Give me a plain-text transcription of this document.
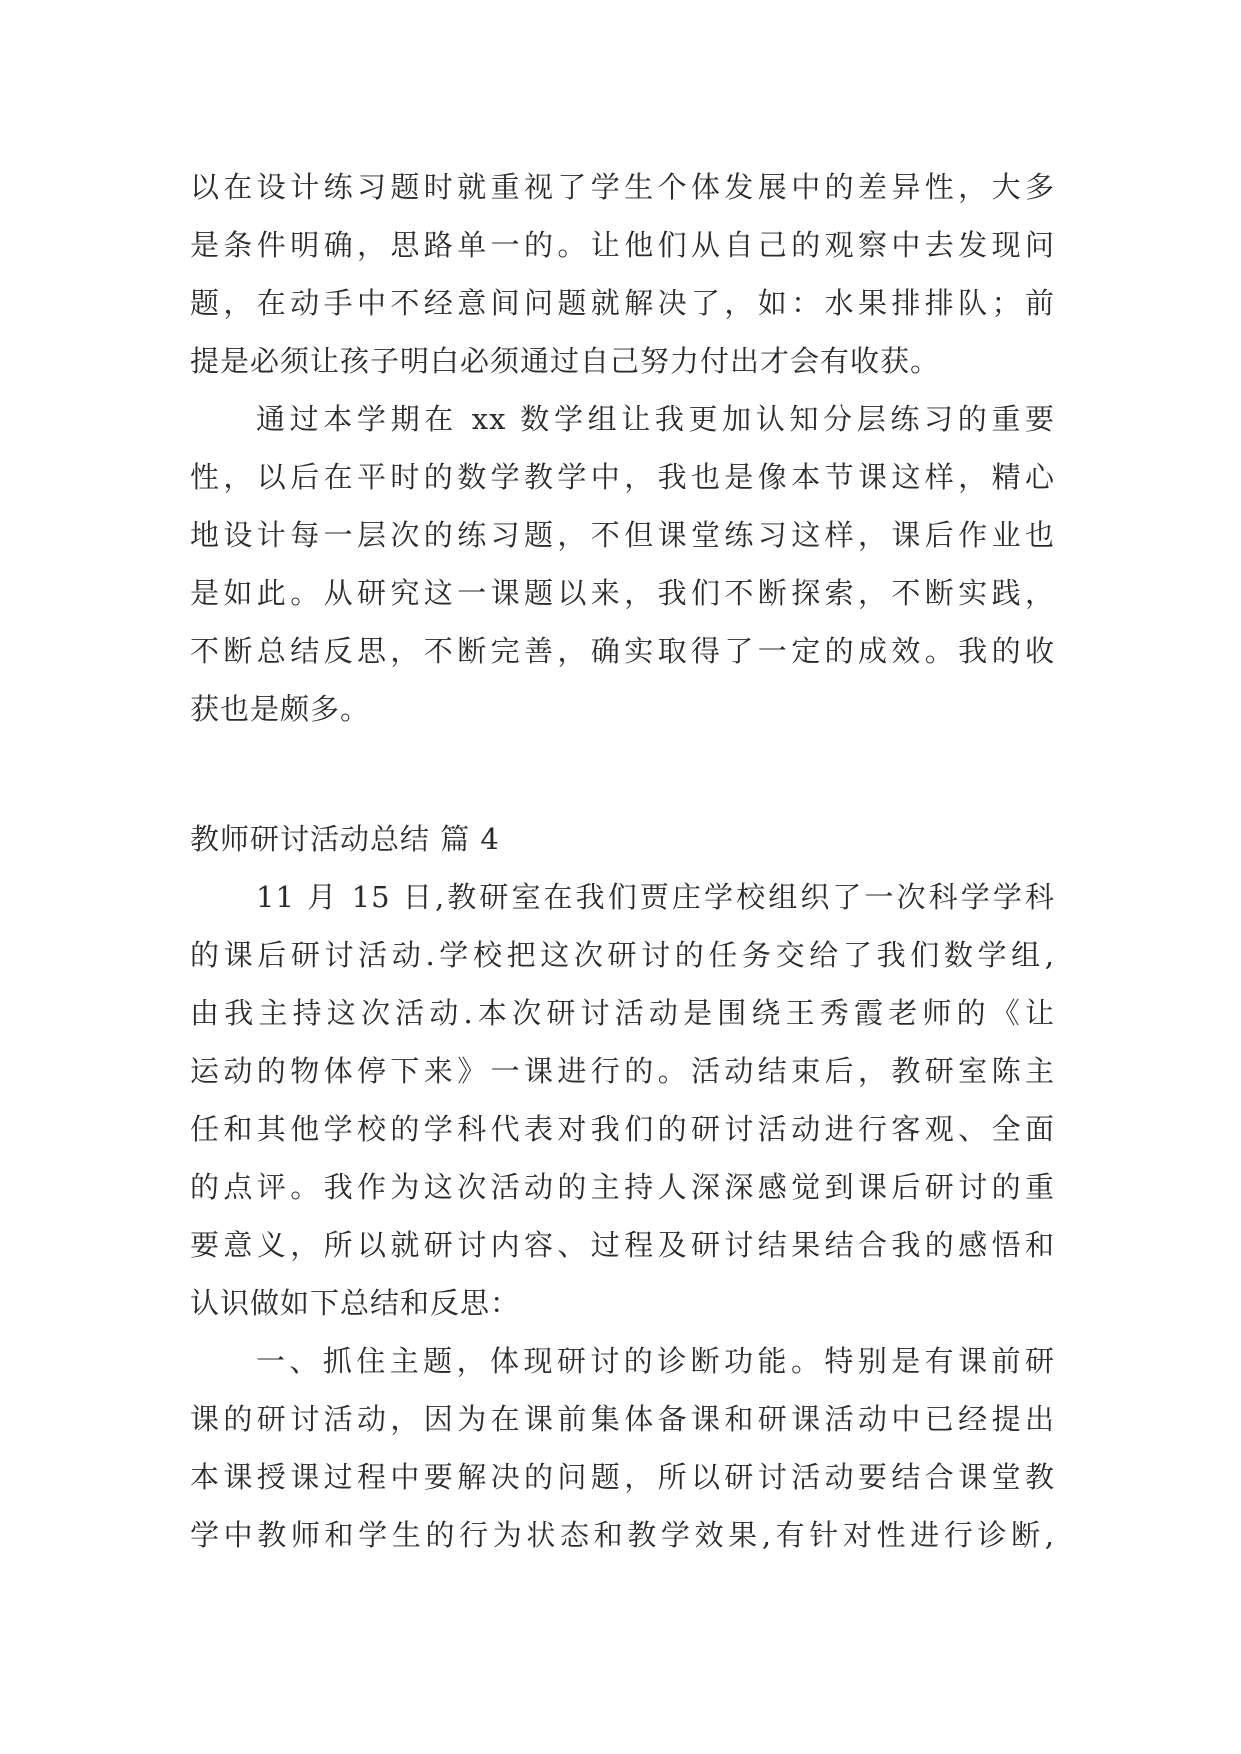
以在设计练习题时就重视了学生个体发展中的差异性，大多
是条件明确，思路单一的。让他们从自己的观察中去发现问
题，在动手中不经意间问题就解决了，如：水果排排队；前
提是必须让孩子明白必须通过自己努力付出才会有收获。
通过本学期在 xx 数学组让我更加认知分层练习的重要
性，以后在平时的数学教学中，我也是像本节课这样，精心
地设计每一层次的练习题，不但课堂练习这样，课后作业也
是如此。从研究这一课题以来，我们不断探索，不断实践，
不断总结反思，不断完善，确实取得了一定的成效。我的收
获也是颇多。
教师研讨活动总结 篇 4
11 月 15 日,教研室在我们贾庄学校组织了一次科学学科
的课后研讨活动.学校把这次研讨的任务交给了我们数学组,
由我主持这次活动.本次研讨活动是围绕王秀霞老师的《让
运动的物体停下来》一课进行的。活动结束后，教研室陈主
任和其他学校的学科代表对我们的研讨活动进行客观、全面
的点评。我作为这次活动的主持人深深感觉到课后研讨的重
要意义，所以就研讨内容、过程及研讨结果结合我的感悟和
认识做如下总结和反思：
一、抓住主题，体现研讨的诊断功能。特别是有课前研
课的研讨活动，因为在课前集体备课和研课活动中已经提出
本课授课过程中要解决的问题，所以研讨活动要结合课堂教
学中教师和学生的行为状态和教学效果,有针对性进行诊断,
